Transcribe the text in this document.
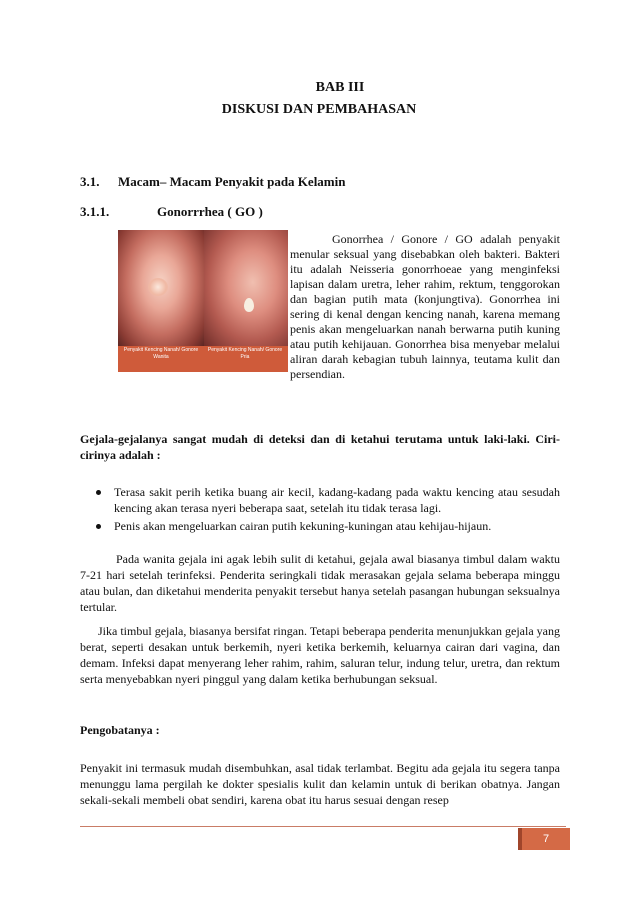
BAB III
DISKUSI DAN PEMBAHASAN
3.1. Macam– Macam Penyakit pada Kelamin
3.1.1.	Gonorrrhea ( GO )
Penyakit Kencing Nanah/ Gonore Wanita
Penyakit Kencing Nanah/ Gonore Pria
Gonorrhea / Gonore / GO adalah penyakit menular seksual yang disebabkan oleh bakteri. Bakteri itu adalah Neisseria gonorrhoeae yang menginfeksi lapisan dalam uretra, leher rahim, rektum, tenggorokan dan bagian putih mata (konjungtiva). Gonorrhea ini sering di kenal dengan kencing nanah, karena memang penis akan mengeluarkan nanah berwarna putih kuning atau putih kehijauan. Gonorrhea bisa menyebar melalui aliran darah kebagian tubuh lainnya, teutama kulit dan persendian.
Gejala-gejalanya sangat mudah di deteksi dan di ketahui terutama untuk laki-laki. Ciri-cirinya adalah :
Terasa sakit perih ketika buang air kecil, kadang-kadang pada waktu kencing atau sesudah kencing akan terasa nyeri beberapa saat, setelah itu tidak terasa lagi.
Penis akan mengeluarkan cairan putih kekuning-kuningan atau kehijau-hijaun.
Pada wanita gejala ini agak lebih sulit di ketahui, gejala awal biasanya timbul dalam waktu 7-21 hari setelah terinfeksi. Penderita seringkali tidak merasakan gejala selama beberapa minggu atau bulan, dan diketahui menderita penyakit tersebut hanya setelah pasangan hubungan seksualnya tertular.
Jika timbul gejala, biasanya bersifat ringan. Tetapi beberapa penderita menunjukkan gejala yang berat, seperti desakan untuk berkemih, nyeri ketika berkemih, keluarnya cairan dari vagina, dan demam. Infeksi dapat menyerang leher rahim, rahim, saluran telur, indung telur, uretra, dan rektum serta menyebabkan nyeri pinggul yang dalam ketika berhubungan seksual.
Pengobatanya :
Penyakit ini termasuk mudah disembuhkan, asal tidak terlambat. Begitu ada gejala itu segera tanpa menunggu lama pergilah ke dokter spesialis kulit dan kelamin untuk di berikan obatnya. Jangan sekali-sekali membeli obat sendiri, karena obat itu harus sesuai dengan resep
7
